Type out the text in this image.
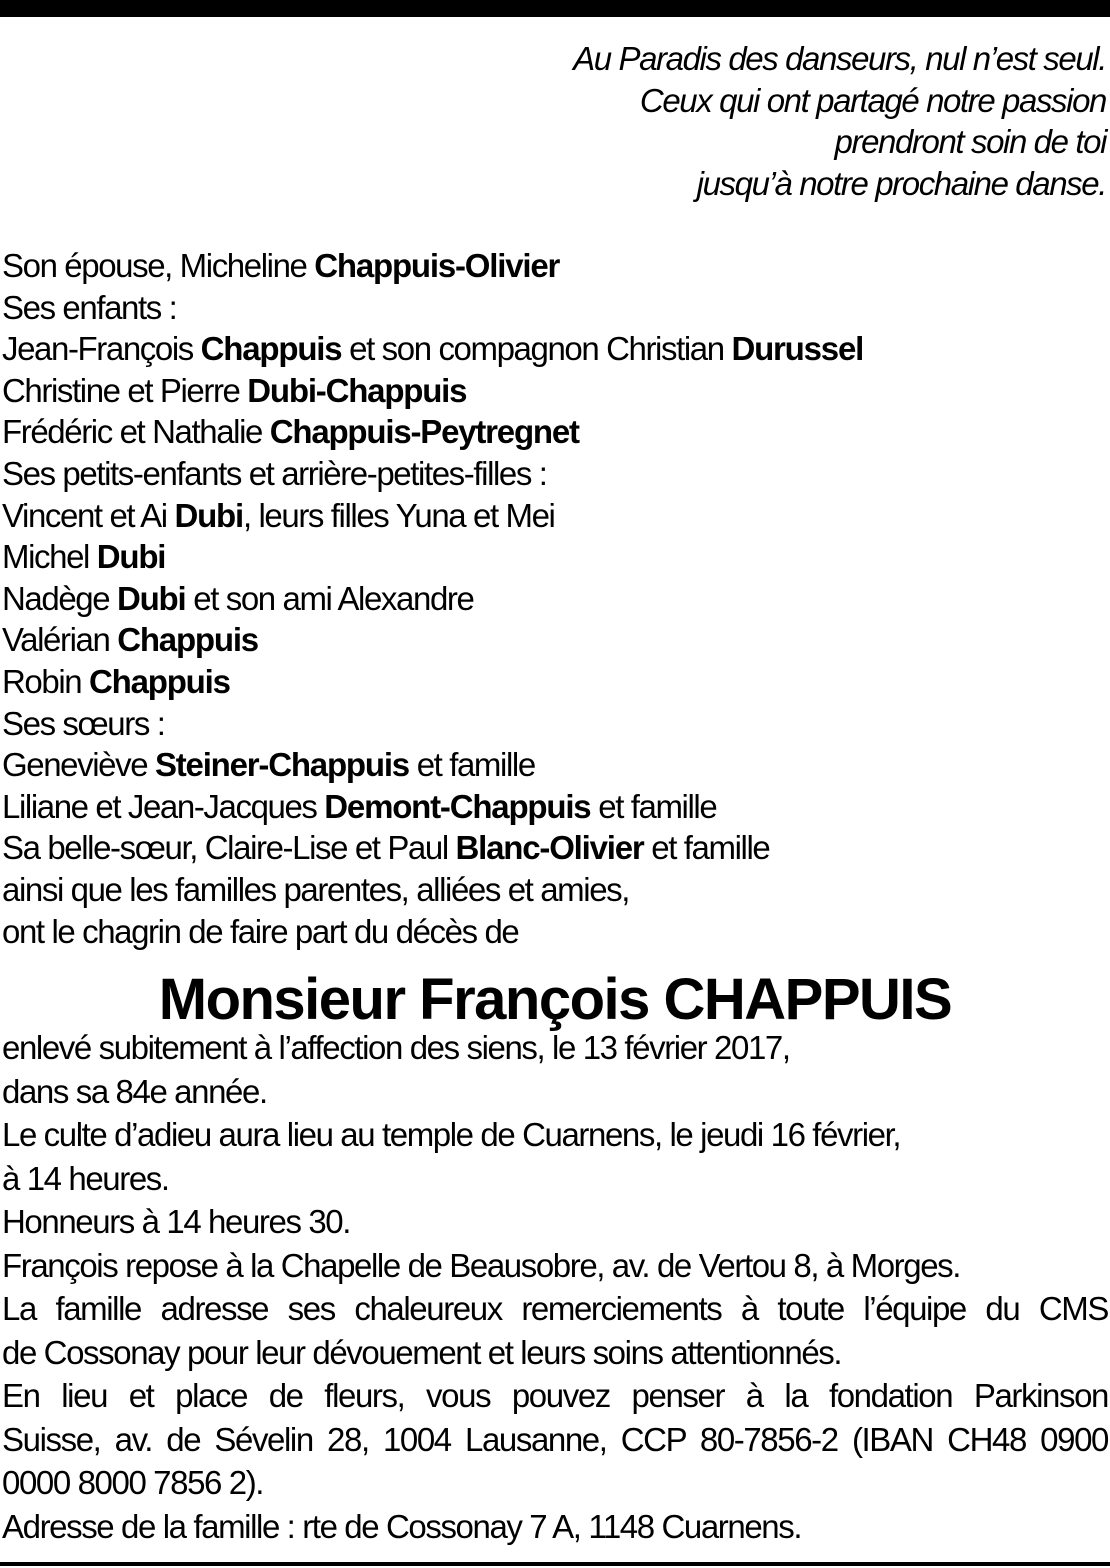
Au Paradis des danseurs, nul n’est seul.
Ceux qui ont partagé notre passion
prendront soin de toi
jusqu’à notre prochaine danse.
Son épouse, Micheline Chappuis-Olivier
Ses enfants :
Jean-François Chappuis et son compagnon Christian Durussel
Christine et Pierre Dubi-Chappuis
Frédéric et Nathalie Chappuis-Peytregnet
Ses petits-enfants et arrière-petites-filles :
Vincent et Ai Dubi, leurs filles Yuna et Mei
Michel Dubi
Nadège Dubi et son ami Alexandre
Valérian Chappuis
Robin Chappuis
Ses sœurs :
Geneviève Steiner-Chappuis et famille
Liliane et Jean-Jacques Demont-Chappuis et famille
Sa belle-sœur, Claire-Lise et Paul Blanc-Olivier et famille
ainsi que les familles parentes, alliées et amies,
ont le chagrin de faire part du décès de
Monsieur François CHAPPUIS
enlevé subitement à l’affection des siens, le 13 février 2017,
dans sa 84e année.
Le culte d’adieu aura lieu au temple de Cuarnens, le jeudi 16 février,
à 14 heures.
Honneurs à 14 heures 30.
François repose à la Chapelle de Beausobre, av. de Vertou 8, à Morges.
La famille adresse ses chaleureux remerciements à toute l’équipe du CMS
de Cossonay pour leur dévouement et leurs soins attentionnés.
En lieu et place de fleurs, vous pouvez penser à la fondation Parkinson
Suisse, av. de Sévelin 28, 1004 Lausanne, CCP 80-7856-2 (IBAN CH48 0900
0000 8000 7856 2).
Adresse de la famille : rte de Cossonay 7 A, 1148 Cuarnens.
